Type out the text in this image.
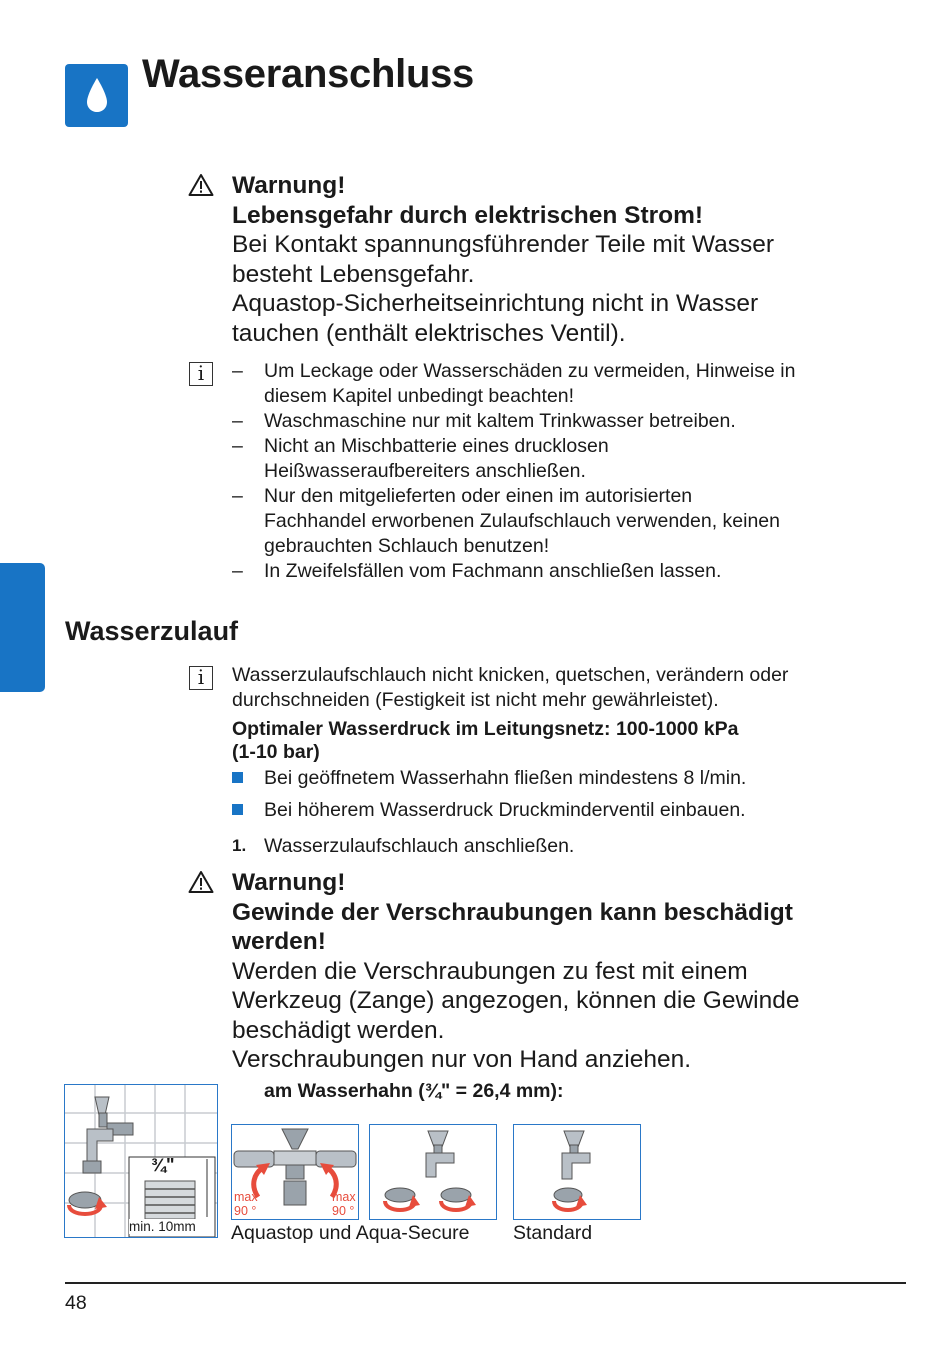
Wasseranschluss
Warnung!
Lebensgefahr durch elektrischen Strom!
Bei Kontakt spannungsführender Teile mit Wasser
besteht Lebensgefahr.
Aquastop-Sicherheitseinrichtung nicht in Wasser
tauchen (enthält elektrisches Ventil).
i
–	Um Leckage oder Wasserschäden zu vermeiden, Hinweise in
diesem Kapitel unbedingt beachten!
– Waschmaschine nur mit kaltem Trinkwasser betreiben.
– Nicht an Mischbatterie eines drucklosen
Heißwasseraufbereiters anschließen.
– Nur den mitgelieferten oder einen im autorisierten
Fachhandel erworbenen Zulaufschlauch verwenden, keinen
gebrauchten Schlauch benutzen!
– In Zweifelsfällen vom Fachmann anschließen lassen.
Wasserzulauf
i	Wasserzulaufschlauch nicht knicken, quetschen, verändern oder
durchschneiden (Festigkeit ist nicht mehr gewährleistet).
Optimaler Wasserdruck im Leitungsnetz: 100-1000 kPa
(1-10 bar)
Bei geöffnetem Wasserhahn fließen mindestens 8 l/min.
Bei höherem Wasserdruck Druckminderventil einbauen.
1. Wasserzulaufschlauch anschließen.
Warnung!
Gewinde der Verschraubungen kann beschädigt
werden!
Werden die Verschraubungen zu fest mit einem
Werkzeug (Zange) angezogen, können die Gewinde
beschädigt werden.
Verschraubungen nur von Hand anziehen.
am Wasserhahn (¾" = 26,4 mm):
¾"
min. 10mm
max
90 °
max
90 °
Aquastop und Aqua-Secure Standard
48
